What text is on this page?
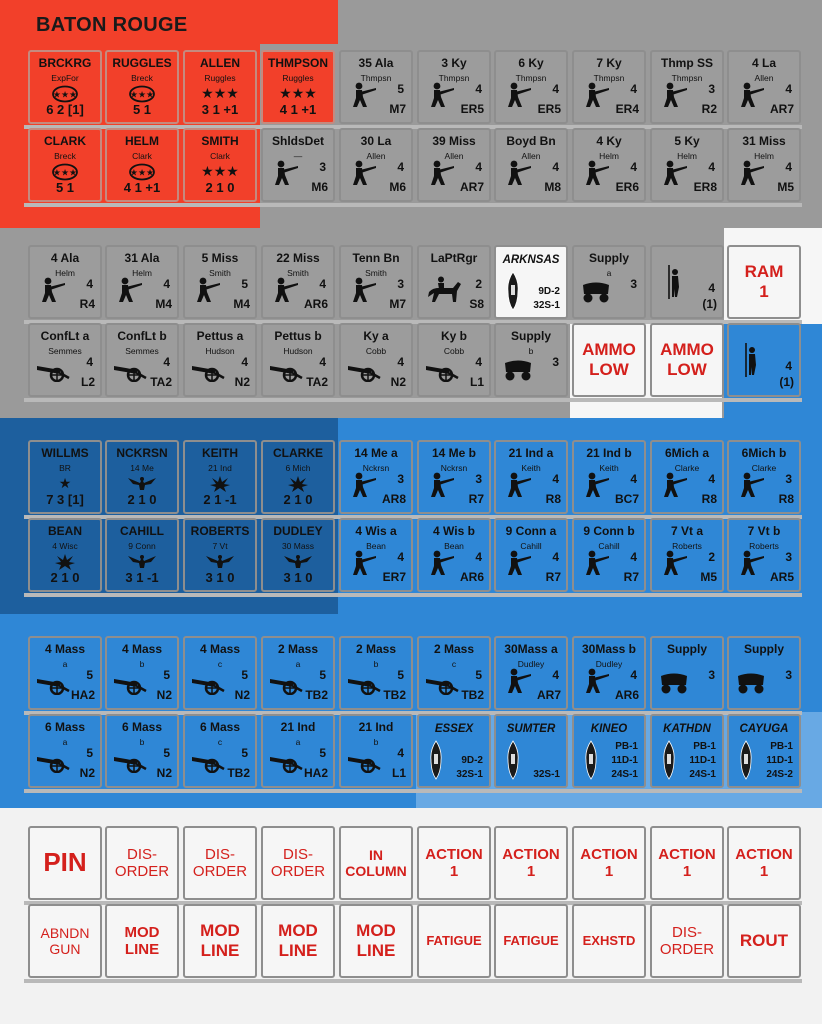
BATON ROUGE
BRCKRG
ExpFor
★★★
6 2 [1]
RUGGLES
Breck
★★★
5 1
ALLEN
Ruggles
★★★
3 1 +1
THMPSON
Ruggles
★★★
4 1 +1
35 Ala
Thmpsn
5
M7
3 Ky
Thmpsn
4
ER5
6 Ky
Thmpsn
4
ER5
7 Ky
Thmpsn
4
ER4
Thmp SS
Thmpsn
3
R2
4 La
Allen
4
AR7
CLARK
Breck
★★★
5 1
HELM
Clark
★★★
4 1 +1
SMITH
Clark
★★★
2 1 0
ShldsDet
—
3
M6
30 La
Allen
4
M6
39 Miss
Allen
4
AR7
Boyd Bn
Allen
4
M8
4 Ky
Helm
4
ER6
5 Ky
Helm
4
ER8
31 Miss
Helm
4
M5
4 Ala
Helm
4
R4
31 Ala
Helm
4
M4
5 Miss
Smith
5
M4
22 Miss
Smith
4
AR6
Tenn Bn
Smith
3
M7
LaPtRgr
2
S8
ARKNSAS
9D-2
32S-1
Supply
a
3	4
(1)
RAM
1
ConfLt a
Semmes
4
L2
ConfLt b
Semmes
4
TA2
Pettus a
Hudson
4
N2
Pettus b
Hudson
4
TA2
Ky a
Cobb
4
N2
Ky b
Cobb
4
L1
Supply
b
3
AMMO
LOW
AMMO
LOW	4
(1)
WILLMS
BR
★
7 3 [1]
NCKRSN
14 Me
2 1 0
KEITH
21 Ind
2 1 -1
CLARKE
6 Mich
2 1 0
14 Me a
Nckrsn
3
AR8
14 Me b
Nckrsn
3
R7
21 Ind a
Keith
4
R8
21 Ind b
Keith
4
BC7
6Mich a
Clarke
4
R8
6Mich b
Clarke
3
R8
BEAN
4 Wisc
2 1 0
CAHILL
9 Conn
3 1 -1
ROBERTS
7 Vt
3 1 0
DUDLEY
30 Mass
3 1 0
4 Wis a
Bean
4
ER7
4 Wis b
Bean
4
AR6
9 Conn a
Cahill
4
R7
9 Conn b
Cahill
4
R7
7 Vt a
Roberts
2
M5
7 Vt b
Roberts
3
AR5
4 Mass
a
5
HA2
4 Mass
b
5
N2
4 Mass
c
5
N2
2 Mass
a
5
TB2
2 Mass
b
5
TB2
2 Mass
c
5
TB2
30Mass a
Dudley
4
AR7
30Mass b
Dudley
4
AR6
Supply
3
Supply
3
6 Mass
a
5
N2
6 Mass
b
5
N2
6 Mass
c
5
TB2
21 Ind
a
5
HA2
21 Ind
b
4
L1
ESSEX
9D-2
32S-1
SUMTER
32S-1
KINEO
PB-1
11D-1
24S-1
KATHDN
PB-1
11D-1
24S-1
CAYUGA
PB-1
11D-1
24S-2
PIN	DIS-
ORDER
DIS-
ORDER
DIS-
ORDER
IN
COLUMN
ACTION
1
ACTION
1
ACTION
1
ACTION
1
ACTION
1
ABNDN
GUN
MOD
LINE
MOD
LINE
MOD
LINE
MOD
LINE
FATIGUE FATIGUE EXHSTD	DIS-
ORDER ROUT
